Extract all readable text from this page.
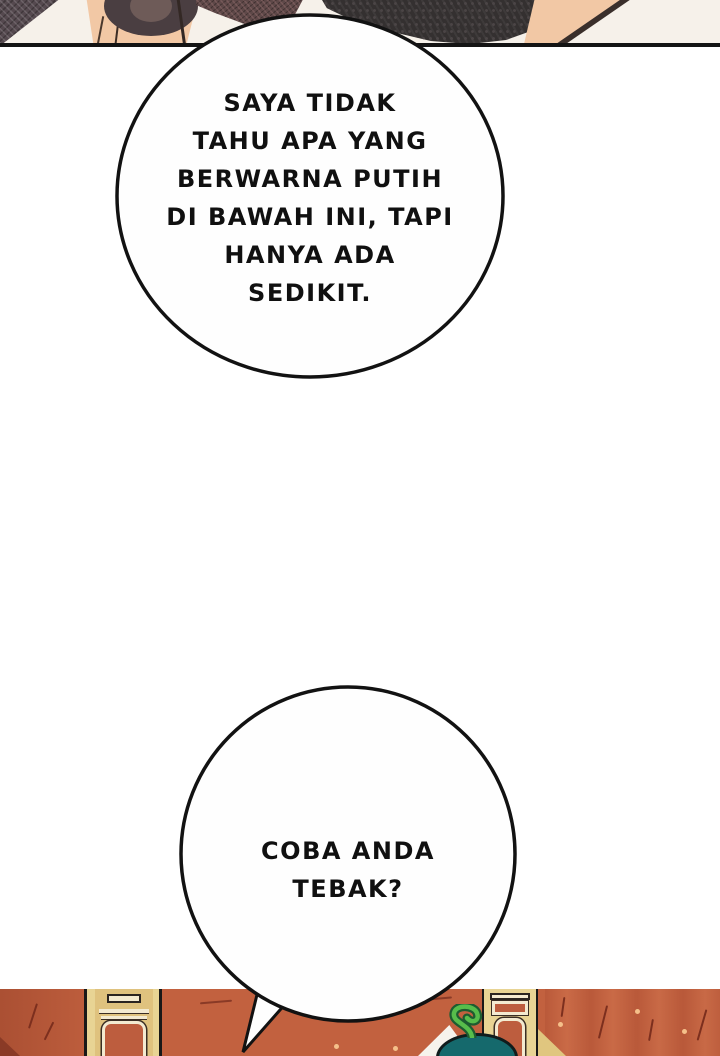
SAYA TIDAK
TAHU APA YANG
BERWARNA PUTIH
DI BAWAH INI, TAPI
HANYA ADA
SEDIKIT.
COBA ANDA
TEBAK?
